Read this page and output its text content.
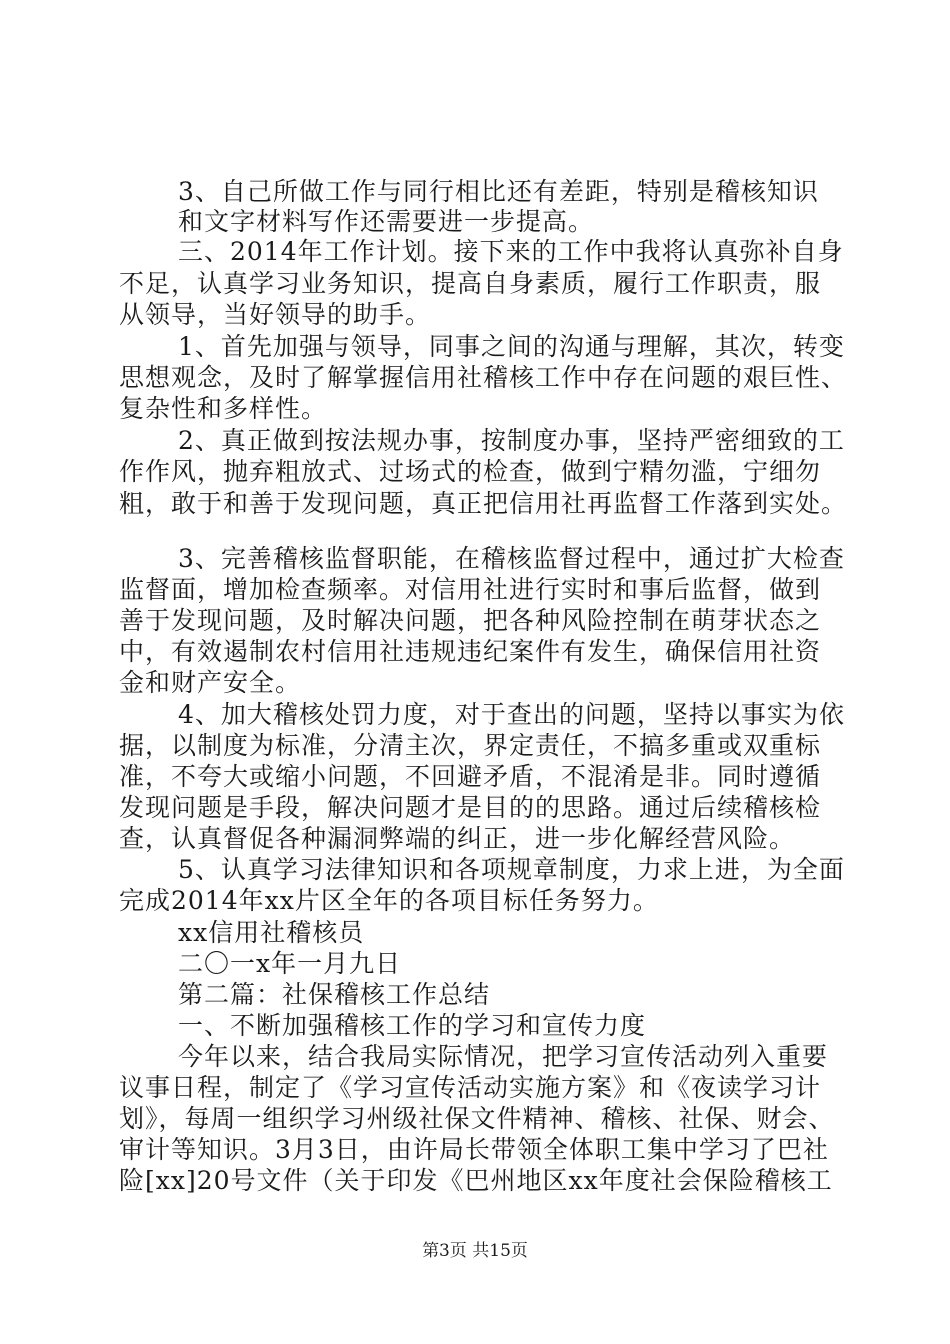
3、自己所做工作与同行相比还有差距，特别是稽核知识
和文字材料写作还需要进一步提高。
三、2014年工作计划。接下来的工作中我将认真弥补自身
不足，认真学习业务知识，提高自身素质，履行工作职责，服
从领导，当好领导的助手。
1、首先加强与领导，同事之间的沟通与理解，其次，转变
思想观念，及时了解掌握信用社稽核工作中存在问题的艰巨性、
复杂性和多样性。
2、真正做到按法规办事，按制度办事，坚持严密细致的工
作作风，抛弃粗放式、过场式的检查，做到宁精勿滥，宁细勿
粗，敢于和善于发现问题，真正把信用社再监督工作落到实处。
3、完善稽核监督职能，在稽核监督过程中，通过扩大检查
监督面，增加检查频率。对信用社进行实时和事后监督，做到
善于发现问题，及时解决问题，把各种风险控制在萌芽状态之
中，有效遏制农村信用社违规违纪案件有发生，确保信用社资
金和财产安全。
4、加大稽核处罚力度，对于查出的问题，坚持以事实为依
据，以制度为标准，分清主次，界定责任，不搞多重或双重标
准，不夸大或缩小问题，不回避矛盾，不混淆是非。同时遵循
发现问题是手段，解决问题才是目的的思路。通过后续稽核检
查，认真督促各种漏洞弊端的纠正，进一步化解经营风险。
5、认真学习法律知识和各项规章制度，力求上进，为全面
完成2014年xx片区全年的各项目标任务努力。
xx信用社稽核员
二〇一x年一月九日
第二篇：社保稽核工作总结
一、不断加强稽核工作的学习和宣传力度
今年以来，结合我局实际情况，把学习宣传活动列入重要
议事日程，制定了《学习宣传活动实施方案》和《夜读学习计
划》，每周一组织学习州级社保文件精神、稽核、社保、财会、
审计等知识。3月3日，由许局长带领全体职工集中学习了巴社
险[xx]20号文件（关于印发《巴州地区xx年度社会保险稽核工
第3页 共15页
